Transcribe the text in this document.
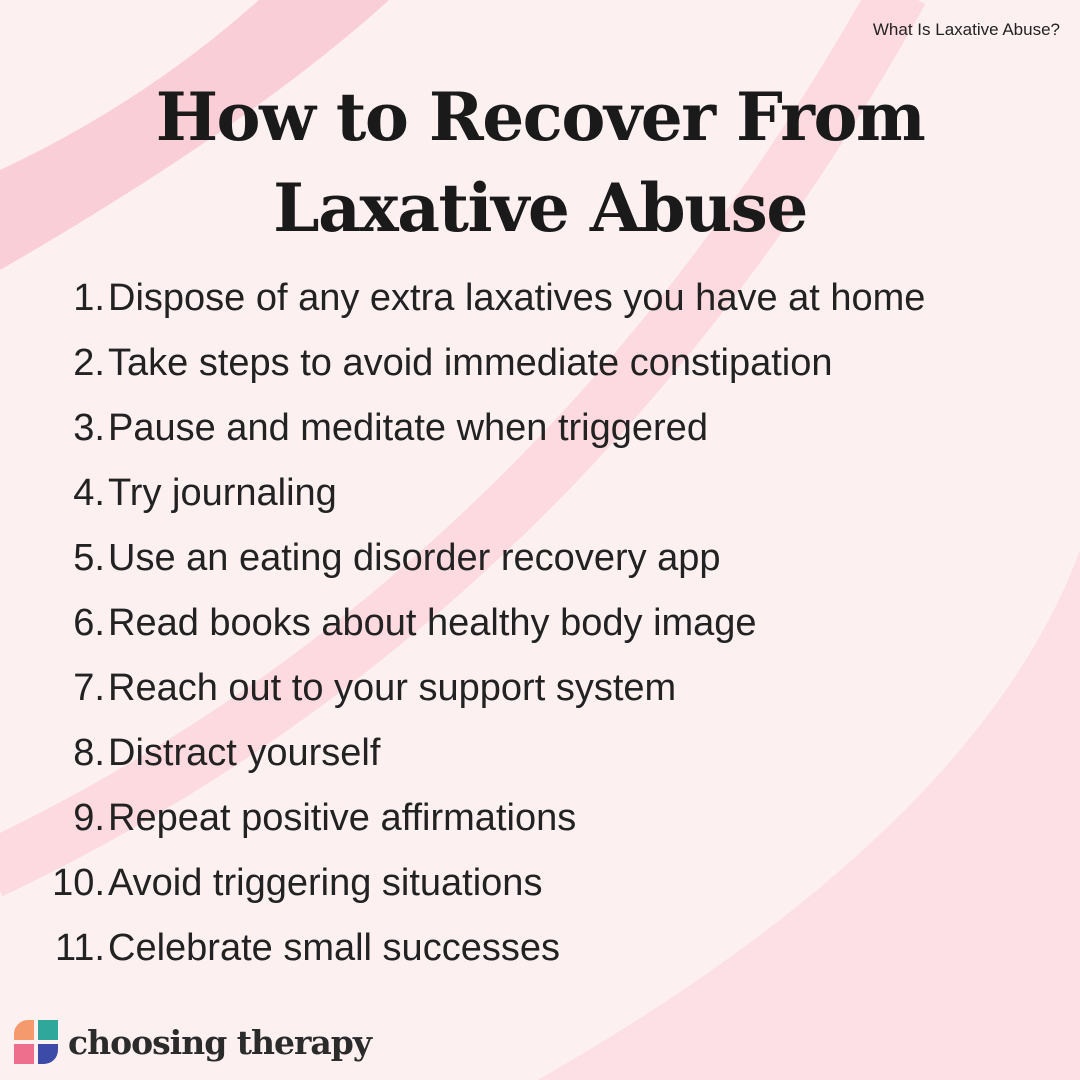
What Is Laxative Abuse?
How to Recover From
Laxative Abuse
1. Dispose of any extra laxatives you have at home
2. Take steps to avoid immediate constipation
3. Pause and meditate when triggered
4. Try journaling
5. Use an eating disorder recovery app
6. Read books about healthy body image
7. Reach out to your support system
8. Distract yourself
9. Repeat positive affirmations
10. Avoid triggering situations
11. Celebrate small successes
choosing therapy
